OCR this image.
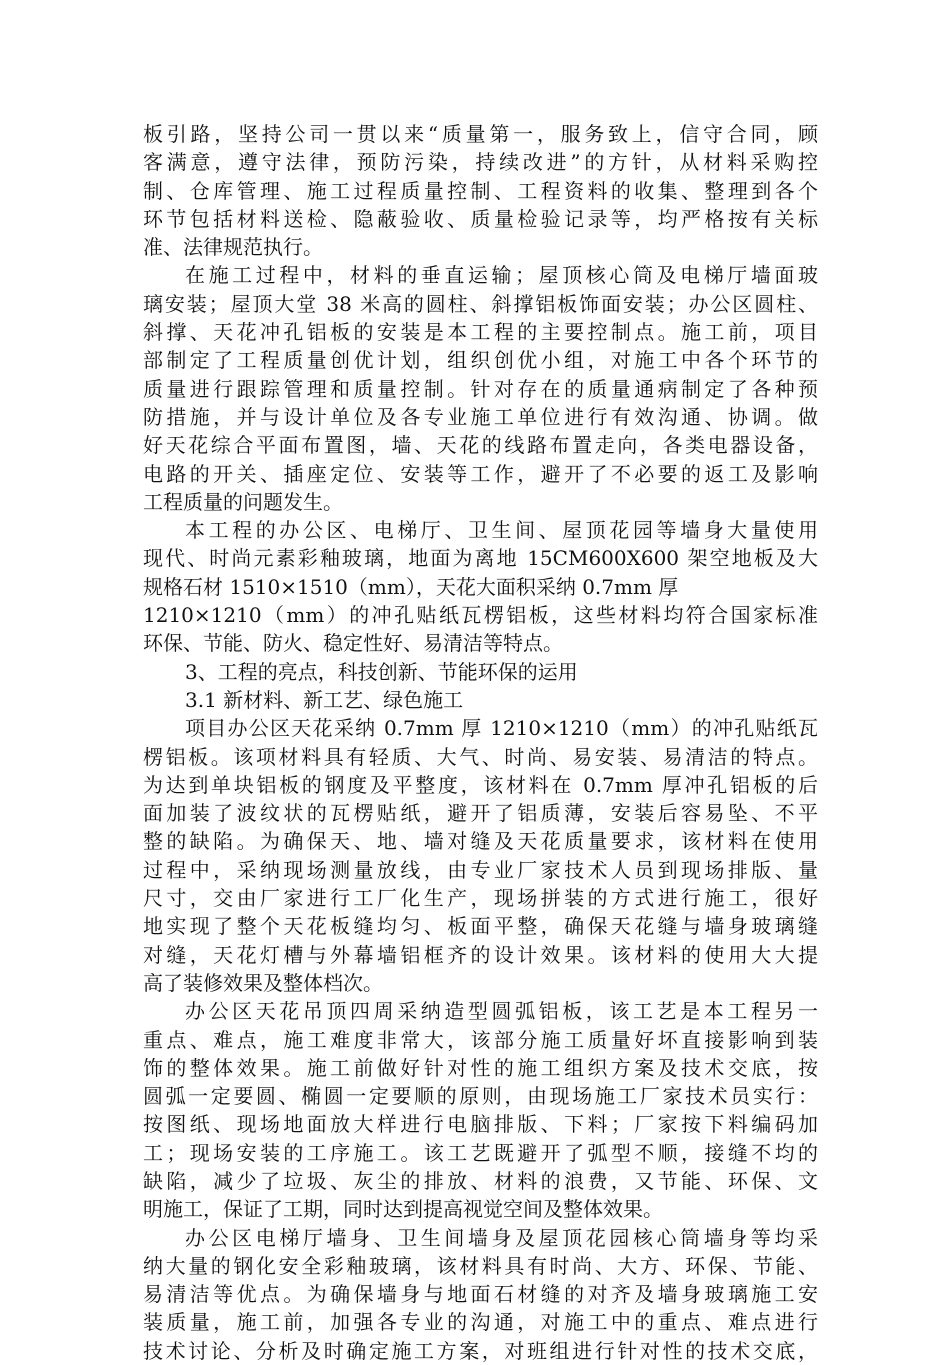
板引路，坚持公司一贯以来“质量第一，服务致上，信守合同，顾
客满意，遵守法律，预防污染，持续改进”的方针，从材料采购控
制、仓库管理、施工过程质量控制、工程资料的收集、整理到各个
环节包括材料送检、隐蔽验收、质量检验记录等，均严格按有关标
准、法律规范执行。
在施工过程中，材料的垂直运输；屋顶核心筒及电梯厅墙面玻
璃安装；屋顶大堂 38 米高的圆柱、斜撑铝板饰面安装；办公区圆柱、
斜撑、天花冲孔铝板的安装是本工程的主要控制点。施工前，项目
部制定了工程质量创优计划，组织创优小组，对施工中各个环节的
质量进行跟踪管理和质量控制。针对存在的质量通病制定了各种预
防措施，并与设计单位及各专业施工单位进行有效沟通、协调。做
好天花综合平面布置图，墙、天花的线路布置走向，各类电器设备，
电路的开关、插座定位、安装等工作，避开了不必要的返工及影响
工程质量的问题发生。
本工程的办公区、电梯厅、卫生间、屋顶花园等墙身大量使用
现代、时尚元素彩釉玻璃，地面为离地 15CM600X600 架空地板及大
规格石材 1510×1510（mm），天花大面积采纳 0.7mm 厚
1210×1210（mm）的冲孔贴纸瓦楞铝板，这些材料均符合国家标准
环保、节能、防火、稳定性好、易清洁等特点。
3、工程的亮点，科技创新、节能环保的运用
3.1 新材料、新工艺、绿色施工
项目办公区天花采纳 0.7mm 厚 1210×1210（mm）的冲孔贴纸瓦
楞铝板。该项材料具有轻质、大气、时尚、易安装、易清洁的特点。
为达到单块铝板的钢度及平整度，该材料在 0.7mm 厚冲孔铝板的后
面加装了波纹状的瓦楞贴纸，避开了铝质薄，安装后容易坠、不平
整的缺陷。为确保天、地、墙对缝及天花质量要求，该材料在使用
过程中，采纳现场测量放线，由专业厂家技术人员到现场排版、量
尺寸，交由厂家进行工厂化生产，现场拼装的方式进行施工，很好
地实现了整个天花板缝均匀、板面平整，确保天花缝与墙身玻璃缝
对缝，天花灯槽与外幕墙铝框齐的设计效果。该材料的使用大大提
高了装修效果及整体档次。
办公区天花吊顶四周采纳造型圆弧铝板，该工艺是本工程另一
重点、难点，施工难度非常大，该部分施工质量好坏直接影响到装
饰的整体效果。施工前做好针对性的施工组织方案及技术交底，按
圆弧一定要圆、椭圆一定要顺的原则，由现场施工厂家技术员实行：
按图纸、现场地面放大样进行电脑排版、下料；厂家按下料编码加
工；现场安装的工序施工。该工艺既避开了弧型不顺，接缝不均的
缺陷，减少了垃圾、灰尘的排放、材料的浪费，又节能、环保、文
明施工，保证了工期，同时达到提高视觉空间及整体效果。
办公区电梯厅墙身、卫生间墙身及屋顶花园核心筒墙身等均采
纳大量的钢化安全彩釉玻璃，该材料具有时尚、大方、环保、节能、
易清洁等优点。为确保墙身与地面石材缝的对齐及墙身玻璃施工安
装质量，施工前，加强各专业的沟通，对施工中的重点、难点进行
技术讨论、分析及时确定施工方案，对班组进行针对性的技术交底，
